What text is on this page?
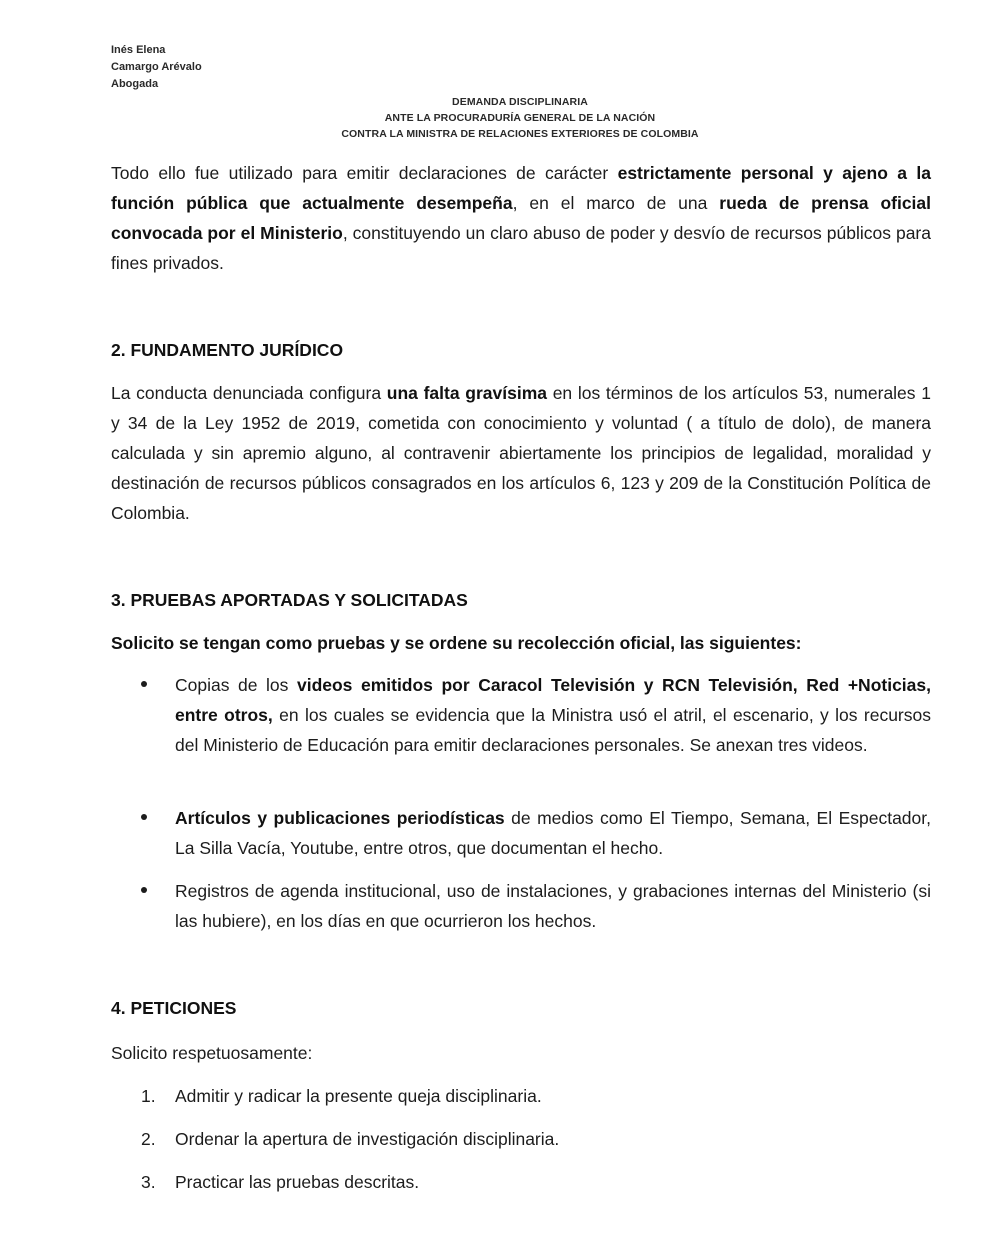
Inés Elena
Camargo Arévalo
Abogada
DEMANDA DISCIPLINARIA
ANTE LA PROCURADURÍA GENERAL DE LA NACIÓN
CONTRA LA MINISTRA DE RELACIONES EXTERIORES DE COLOMBIA

Todo ello fue utilizado para emitir declaraciones de carácter estrictamente personal y ajeno a la función pública que actualmente desempeña, en el marco de una rueda de prensa oficial convocada por el Ministerio, constituyendo un claro abuso de poder y desvío de recursos públicos para fines privados.

2. FUNDAMENTO JURÍDICO

La conducta denunciada configura una falta gravísima en los términos de los artículos 53, numerales 1 y 34 de la Ley 1952 de 2019, cometida con conocimiento y voluntad ( a título de dolo), de manera calculada y sin apremio alguno, al contravenir abiertamente los principios de legalidad, moralidad y destinación de recursos públicos consagrados en los artículos 6, 123 y 209 de la Constitución Política de Colombia.

3. PRUEBAS APORTADAS Y SOLICITADAS
Solicito se tengan como pruebas y se ordene su recolección oficial, las siguientes:

Copias de los videos emitidos por Caracol Televisión y RCN Televisión, Red +Noticias, entre otros, en los cuales se evidencia que la Ministra usó el atril, el escenario, y los recursos del Ministerio de Educación para emitir declaraciones personales. Se anexan tres videos.

Artículos y publicaciones periodísticas de medios como El Tiempo, Semana, El Espectador, La Silla Vacía, Youtube, entre otros, que documentan el hecho.

Registros de agenda institucional, uso de instalaciones, y grabaciones internas del Ministerio (si las hubiere), en los días en que ocurrieron los hechos.

4. PETICIONES
Solicito respetuosamente:
1. Admitir y radicar la presente queja disciplinaria.
2. Ordenar la apertura de investigación disciplinaria.
3. Practicar las pruebas descritas.
